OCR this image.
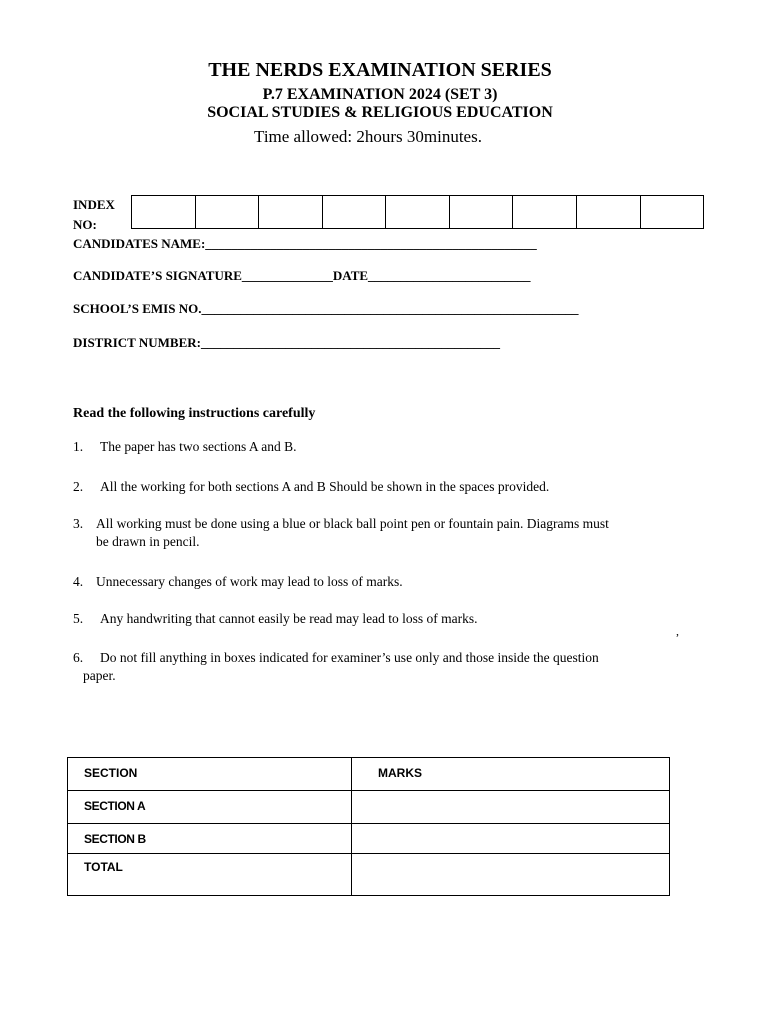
THE NERDS EXAMINATION SERIES
P.7 EXAMINATION 2024 (SET 3)
SOCIAL STUDIES & RELIGIOUS EDUCATION
Time allowed: 2hours 30minutes.
INDEX
NO:
CANDIDATES NAME:___________________________________________________
CANDIDATE’S SIGNATURE______________DATE_________________________
SCHOOL’S EMIS NO.__________________________________________________________
DISTRICT NUMBER:______________________________________________
Read the following instructions carefully
1. The paper has two sections A and B.
2. All the working for both sections A and B Should be shown in the spaces provided.
3. All working must be done using a blue or black ball point pen or fountain pain. Diagrams must
be drawn in pencil.
4. Unnecessary changes of work may lead to loss of marks.
5. Any handwriting that cannot easily be read may lead to loss of marks.
,
6. Do not fill anything in boxes indicated for examiner’s use only and those inside the question
paper.
SECTION	MARKS
SECTION A	
SECTION B	
TOTAL	
